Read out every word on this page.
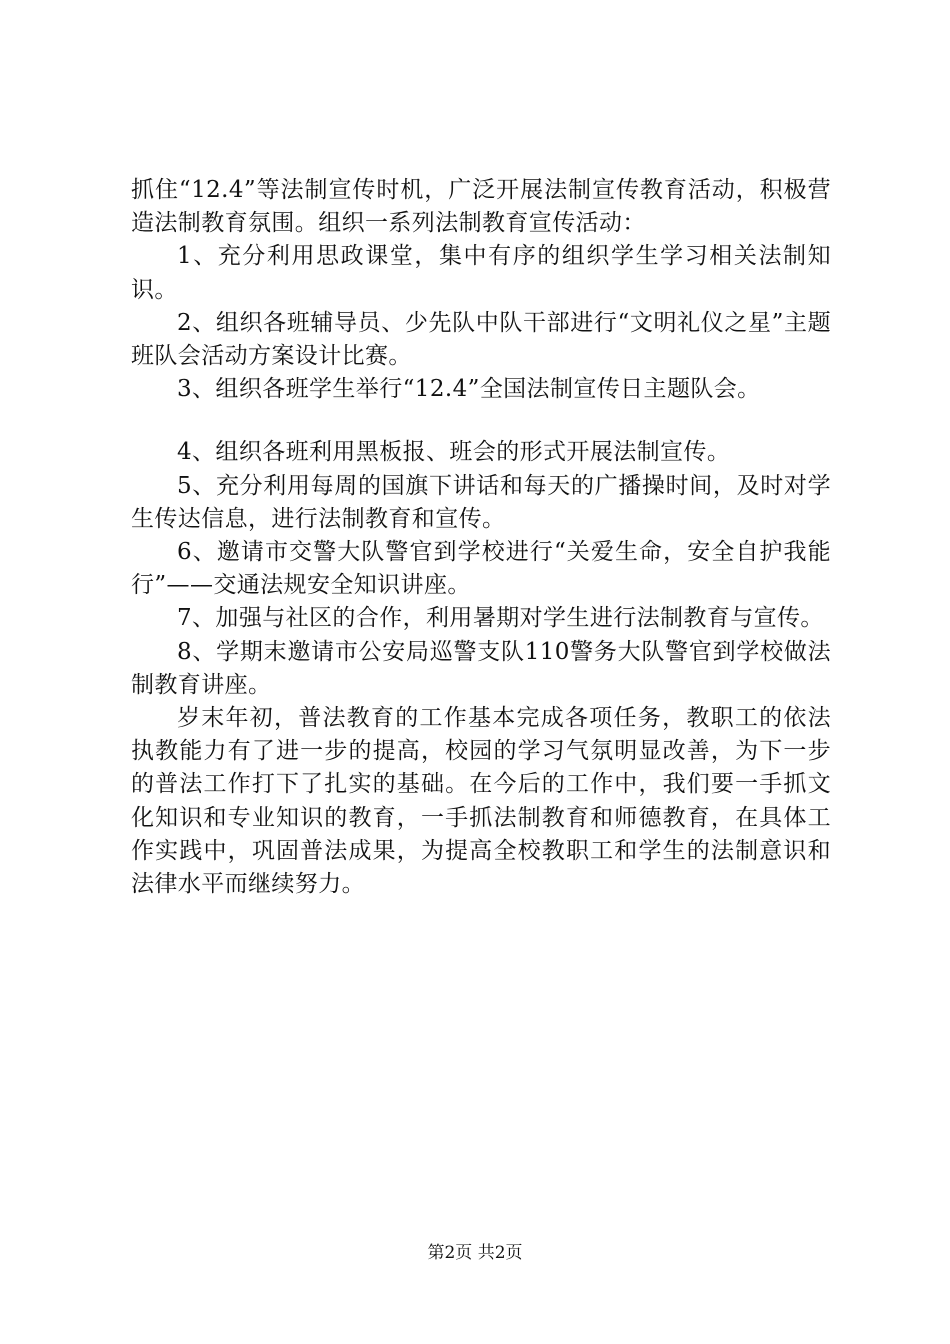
抓住“12.4”等法制宣传时机，广泛开展法制宣传教育活动，积极营造法制教育氛围。组织一系列法制教育宣传活动：

1、充分利用思政课堂，集中有序的组织学生学习相关法制知识。

2、组织各班辅导员、少先队中队干部进行“文明礼仪之星”主题班队会活动方案设计比赛。

3、组织各班学生举行“12.4”全国法制宣传日主题队会。

4、组织各班利用黑板报、班会的形式开展法制宣传。

5、充分利用每周的国旗下讲话和每天的广播操时间，及时对学生传达信息，进行法制教育和宣传。

6、邀请市交警大队警官到学校进行“关爱生命，安全自护我能行”——交通法规安全知识讲座。

7、加强与社区的合作，利用暑期对学生进行法制教育与宣传。

8、学期末邀请市公安局巡警支队110警务大队警官到学校做法制教育讲座。

岁末年初，普法教育的工作基本完成各项任务，教职工的依法执教能力有了进一步的提高，校园的学习气氛明显改善，为下一步的普法工作打下了扎实的基础。在今后的工作中，我们要一手抓文化知识和专业知识的教育，一手抓法制教育和师德教育，在具体工作实践中，巩固普法成果，为提高全校教职工和学生的法制意识和法律水平而继续努力。

第2页 共2页
